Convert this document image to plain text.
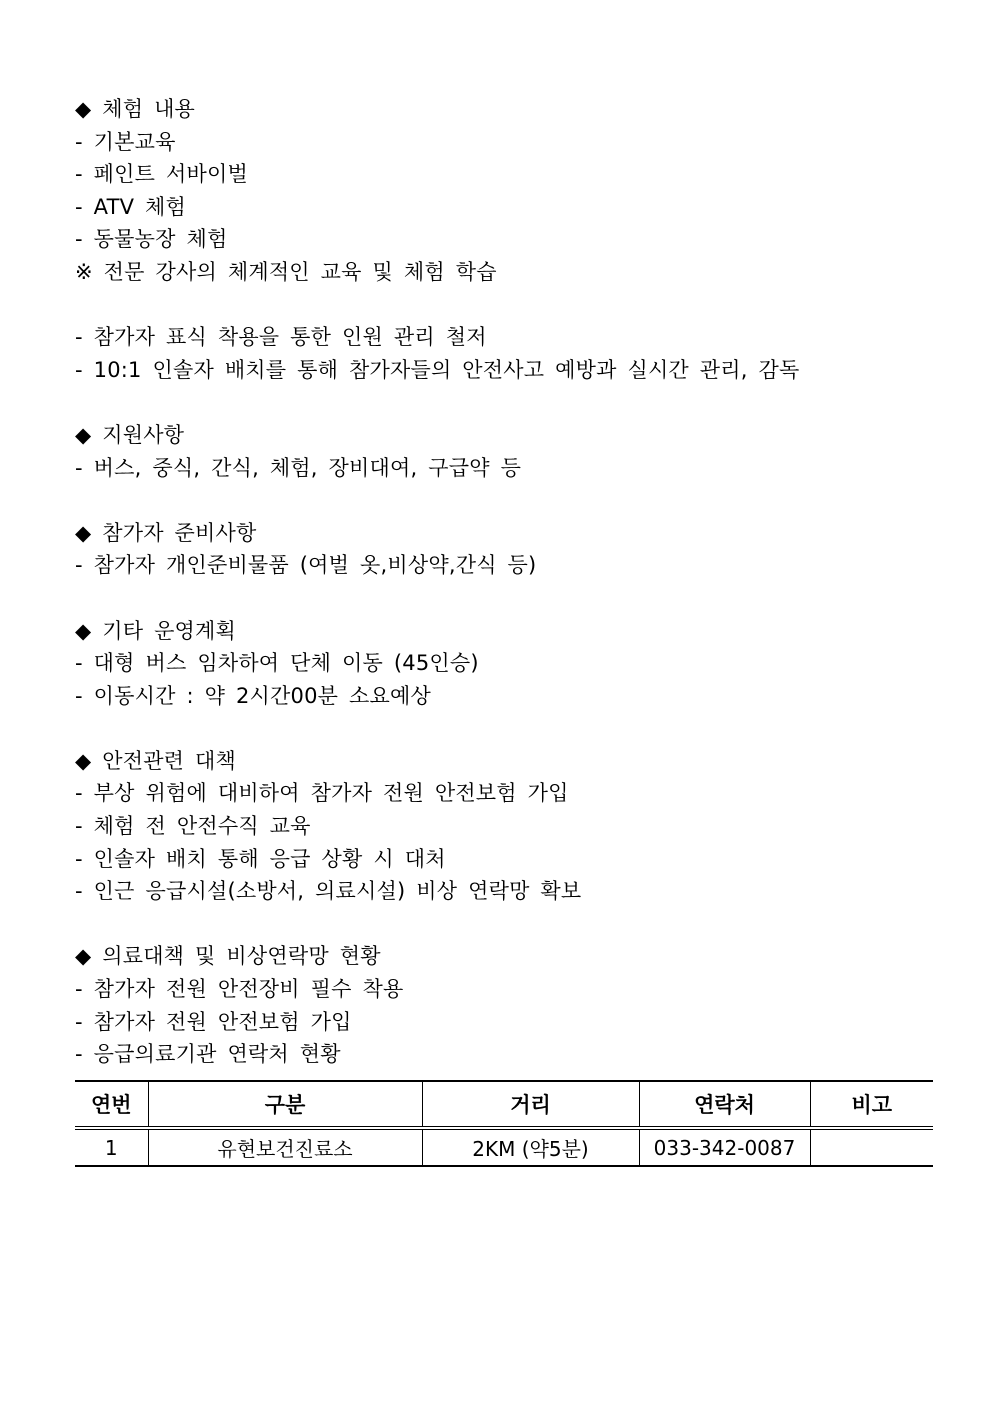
◆ 체험 내용
- 기본교육
- 페인트 서바이벌
- ATV 체험
- 동물농장 체험
※ 전문 강사의 체계적인 교육 및 체험 학습
- 참가자 표식 착용을 통한 인원 관리 철저
- 10:1 인솔자 배치를 통해 참가자들의 안전사고 예방과 실시간 관리, 감독
◆ 지원사항
- 버스, 중식, 간식, 체험, 장비대여, 구급약 등
◆ 참가자 준비사항
- 참가자 개인준비물품 (여벌 옷,비상약,간식 등)
◆ 기타 운영계획
- 대형 버스 임차하여 단체 이동 (45인승)
- 이동시간 : 약 2시간00분 소요예상
◆ 안전관련 대책
- 부상 위험에 대비하여 참가자 전원 안전보험 가입
- 체험 전 안전수직 교육
- 인솔자 배치 통해 응급 상황 시 대처
- 인근 응급시설(소방서, 의료시설) 비상 연락망 확보
◆ 의료대책 및 비상연락망 현황
- 참가자 전원 안전장비 필수 착용
- 참가자 전원 안전보험 가입
- 응급의료기관 연락처 현황
연번	구분	거리	연락처	비고
1	유현보건진료소	2KM (약5분)	033-342-0087	
